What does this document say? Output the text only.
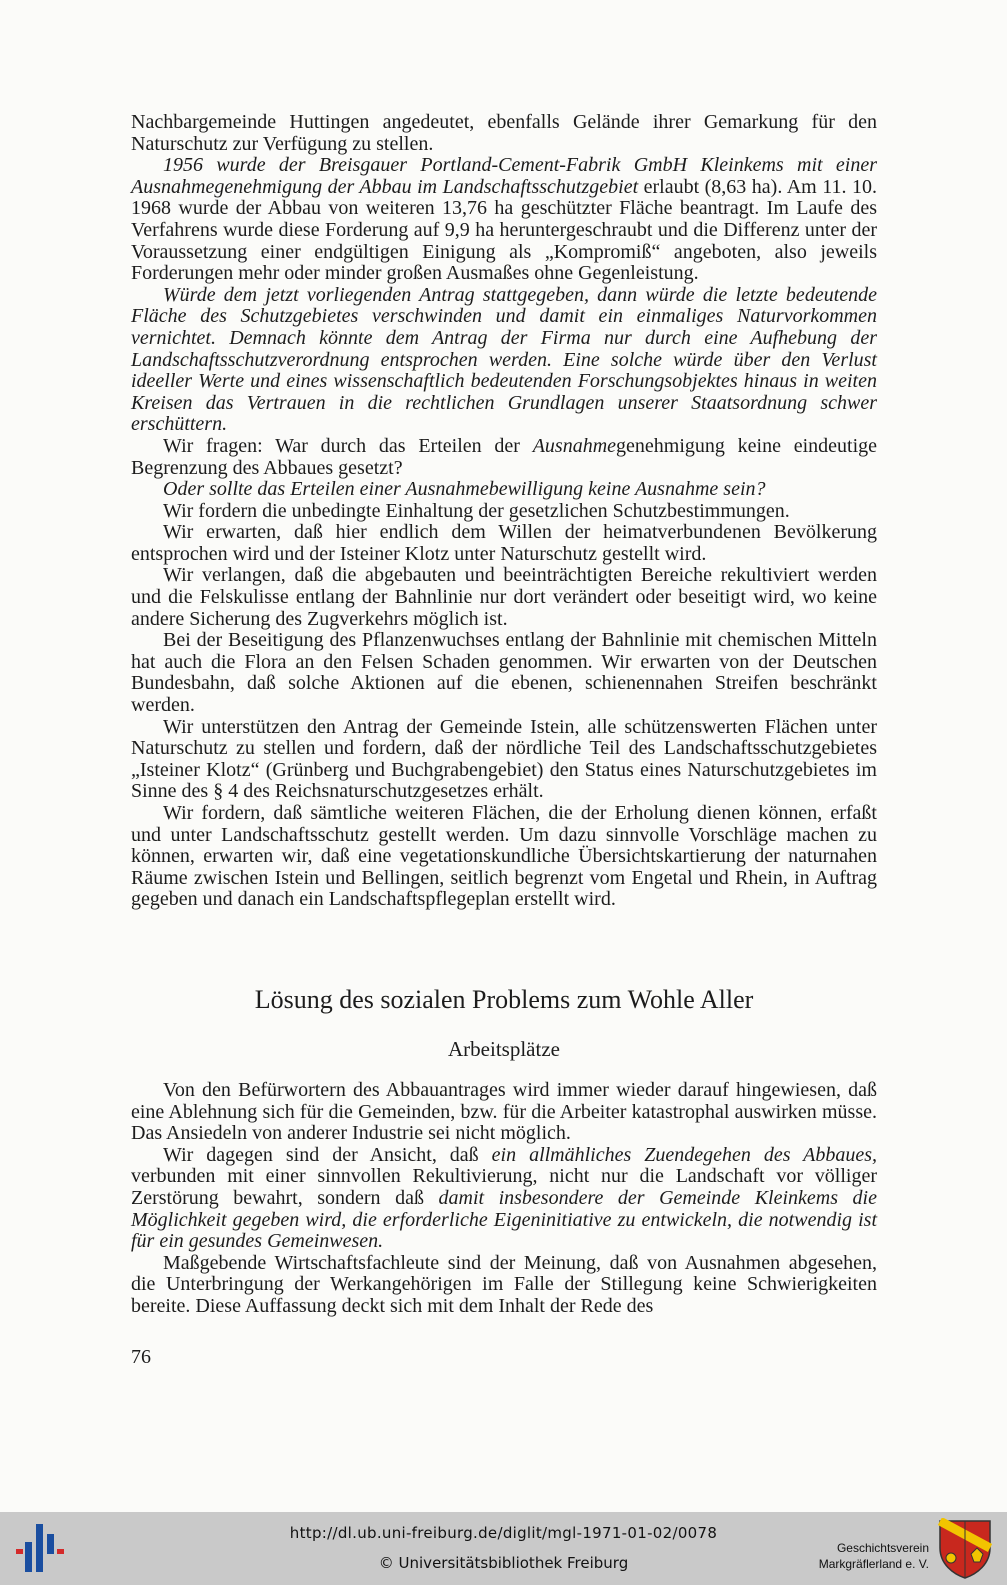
Nachbargemeinde Huttingen angedeutet, ebenfalls Gelände ihrer Gemarkung für den Naturschutz zur Verfügung zu stellen.

1956 wurde der Breisgauer Portland-Cement-Fabrik GmbH Kleinkems mit einer Ausnahmegenehmigung der Abbau im Landschaftsschutzgebiet erlaubt (8,63 ha). Am 11. 10. 1968 wurde der Abbau von weiteren 13,76 ha geschützter Fläche beantragt. Im Laufe des Verfahrens wurde diese Forderung auf 9,9 ha heruntergeschraubt und die Differenz unter der Voraussetzung einer endgültigen Einigung als „Kompromiß“ angeboten, also jeweils Forderungen mehr oder minder großen Ausmaßes ohne Gegenleistung.

Würde dem jetzt vorliegenden Antrag stattgegeben, dann würde die letzte bedeutende Fläche des Schutzgebietes verschwinden und damit ein einmaliges Naturvorkommen vernichtet. Demnach könnte dem Antrag der Firma nur durch eine Aufhebung der Landschaftsschutzverordnung entsprochen werden. Eine solche würde über den Verlust ideeller Werte und eines wissenschaftlich bedeutenden Forschungsobjektes hinaus in weiten Kreisen das Vertrauen in die rechtlichen Grundlagen unserer Staatsordnung schwer erschüttern.

Wir fragen: War durch das Erteilen der Ausnahmegenehmigung keine eindeutige Begrenzung des Abbaues gesetzt?

Oder sollte das Erteilen einer Ausnahmebewilligung keine Ausnahme sein?

Wir fordern die unbedingte Einhaltung der gesetzlichen Schutzbestimmungen.

Wir erwarten, daß hier endlich dem Willen der heimatverbundenen Bevölkerung entsprochen wird und der Isteiner Klotz unter Naturschutz gestellt wird.

Wir verlangen, daß die abgebauten und beeinträchtigten Bereiche rekultiviert werden und die Felskulisse entlang der Bahnlinie nur dort verändert oder beseitigt wird, wo keine andere Sicherung des Zugverkehrs möglich ist.

Bei der Beseitigung des Pflanzenwuchses entlang der Bahnlinie mit chemischen Mitteln hat auch die Flora an den Felsen Schaden genommen. Wir erwarten von der Deutschen Bundesbahn, daß solche Aktionen auf die ebenen, schienennahen Streifen beschränkt werden.

Wir unterstützen den Antrag der Gemeinde Istein, alle schützenswerten Flächen unter Naturschutz zu stellen und fordern, daß der nördliche Teil des Landschaftsschutzgebietes „Isteiner Klotz“ (Grünberg und Buchgrabengebiet) den Status eines Naturschutzgebietes im Sinne des § 4 des Reichsnaturschutzgesetzes erhält.

Wir fordern, daß sämtliche weiteren Flächen, die der Erholung dienen können, erfaßt und unter Landschaftsschutz gestellt werden. Um dazu sinnvolle Vorschläge machen zu können, erwarten wir, daß eine vegetationskundliche Übersichtskartierung der naturnahen Räume zwischen Istein und Bellingen, seitlich begrenzt vom Engetal und Rhein, in Auftrag gegeben und danach ein Landschaftspflegeplan erstellt wird.

Lösung des sozialen Problems zum Wohle Aller
Arbeitsplätze

Von den Befürwortern des Abbauantrages wird immer wieder darauf hingewiesen, daß eine Ablehnung sich für die Gemeinden, bzw. für die Arbeiter katastrophal auswirken müsse. Das Ansiedeln von anderer Industrie sei nicht möglich.

Wir dagegen sind der Ansicht, daß ein allmähliches Zuendegehen des Abbaues, verbunden mit einer sinnvollen Rekultivierung, nicht nur die Landschaft vor völliger Zerstörung bewahrt, sondern daß damit insbesondere der Gemeinde Kleinkems die Möglichkeit gegeben wird, die erforderliche Eigeninitiative zu entwickeln, die notwendig ist für ein gesundes Gemeinwesen.

Maßgebende Wirtschaftsfachleute sind der Meinung, daß von Ausnahmen abgesehen, die Unterbringung der Werkangehörigen im Falle der Stillegung keine Schwierigkeiten bereite. Diese Auffassung deckt sich mit dem Inhalt der Rede des

76
http://dl.ub.uni-freiburg.de/diglit/mgl-1971-01-02/0078
© Universitätsbibliothek Freiburg
Geschichtsverein
Markgräflerland e. V.
